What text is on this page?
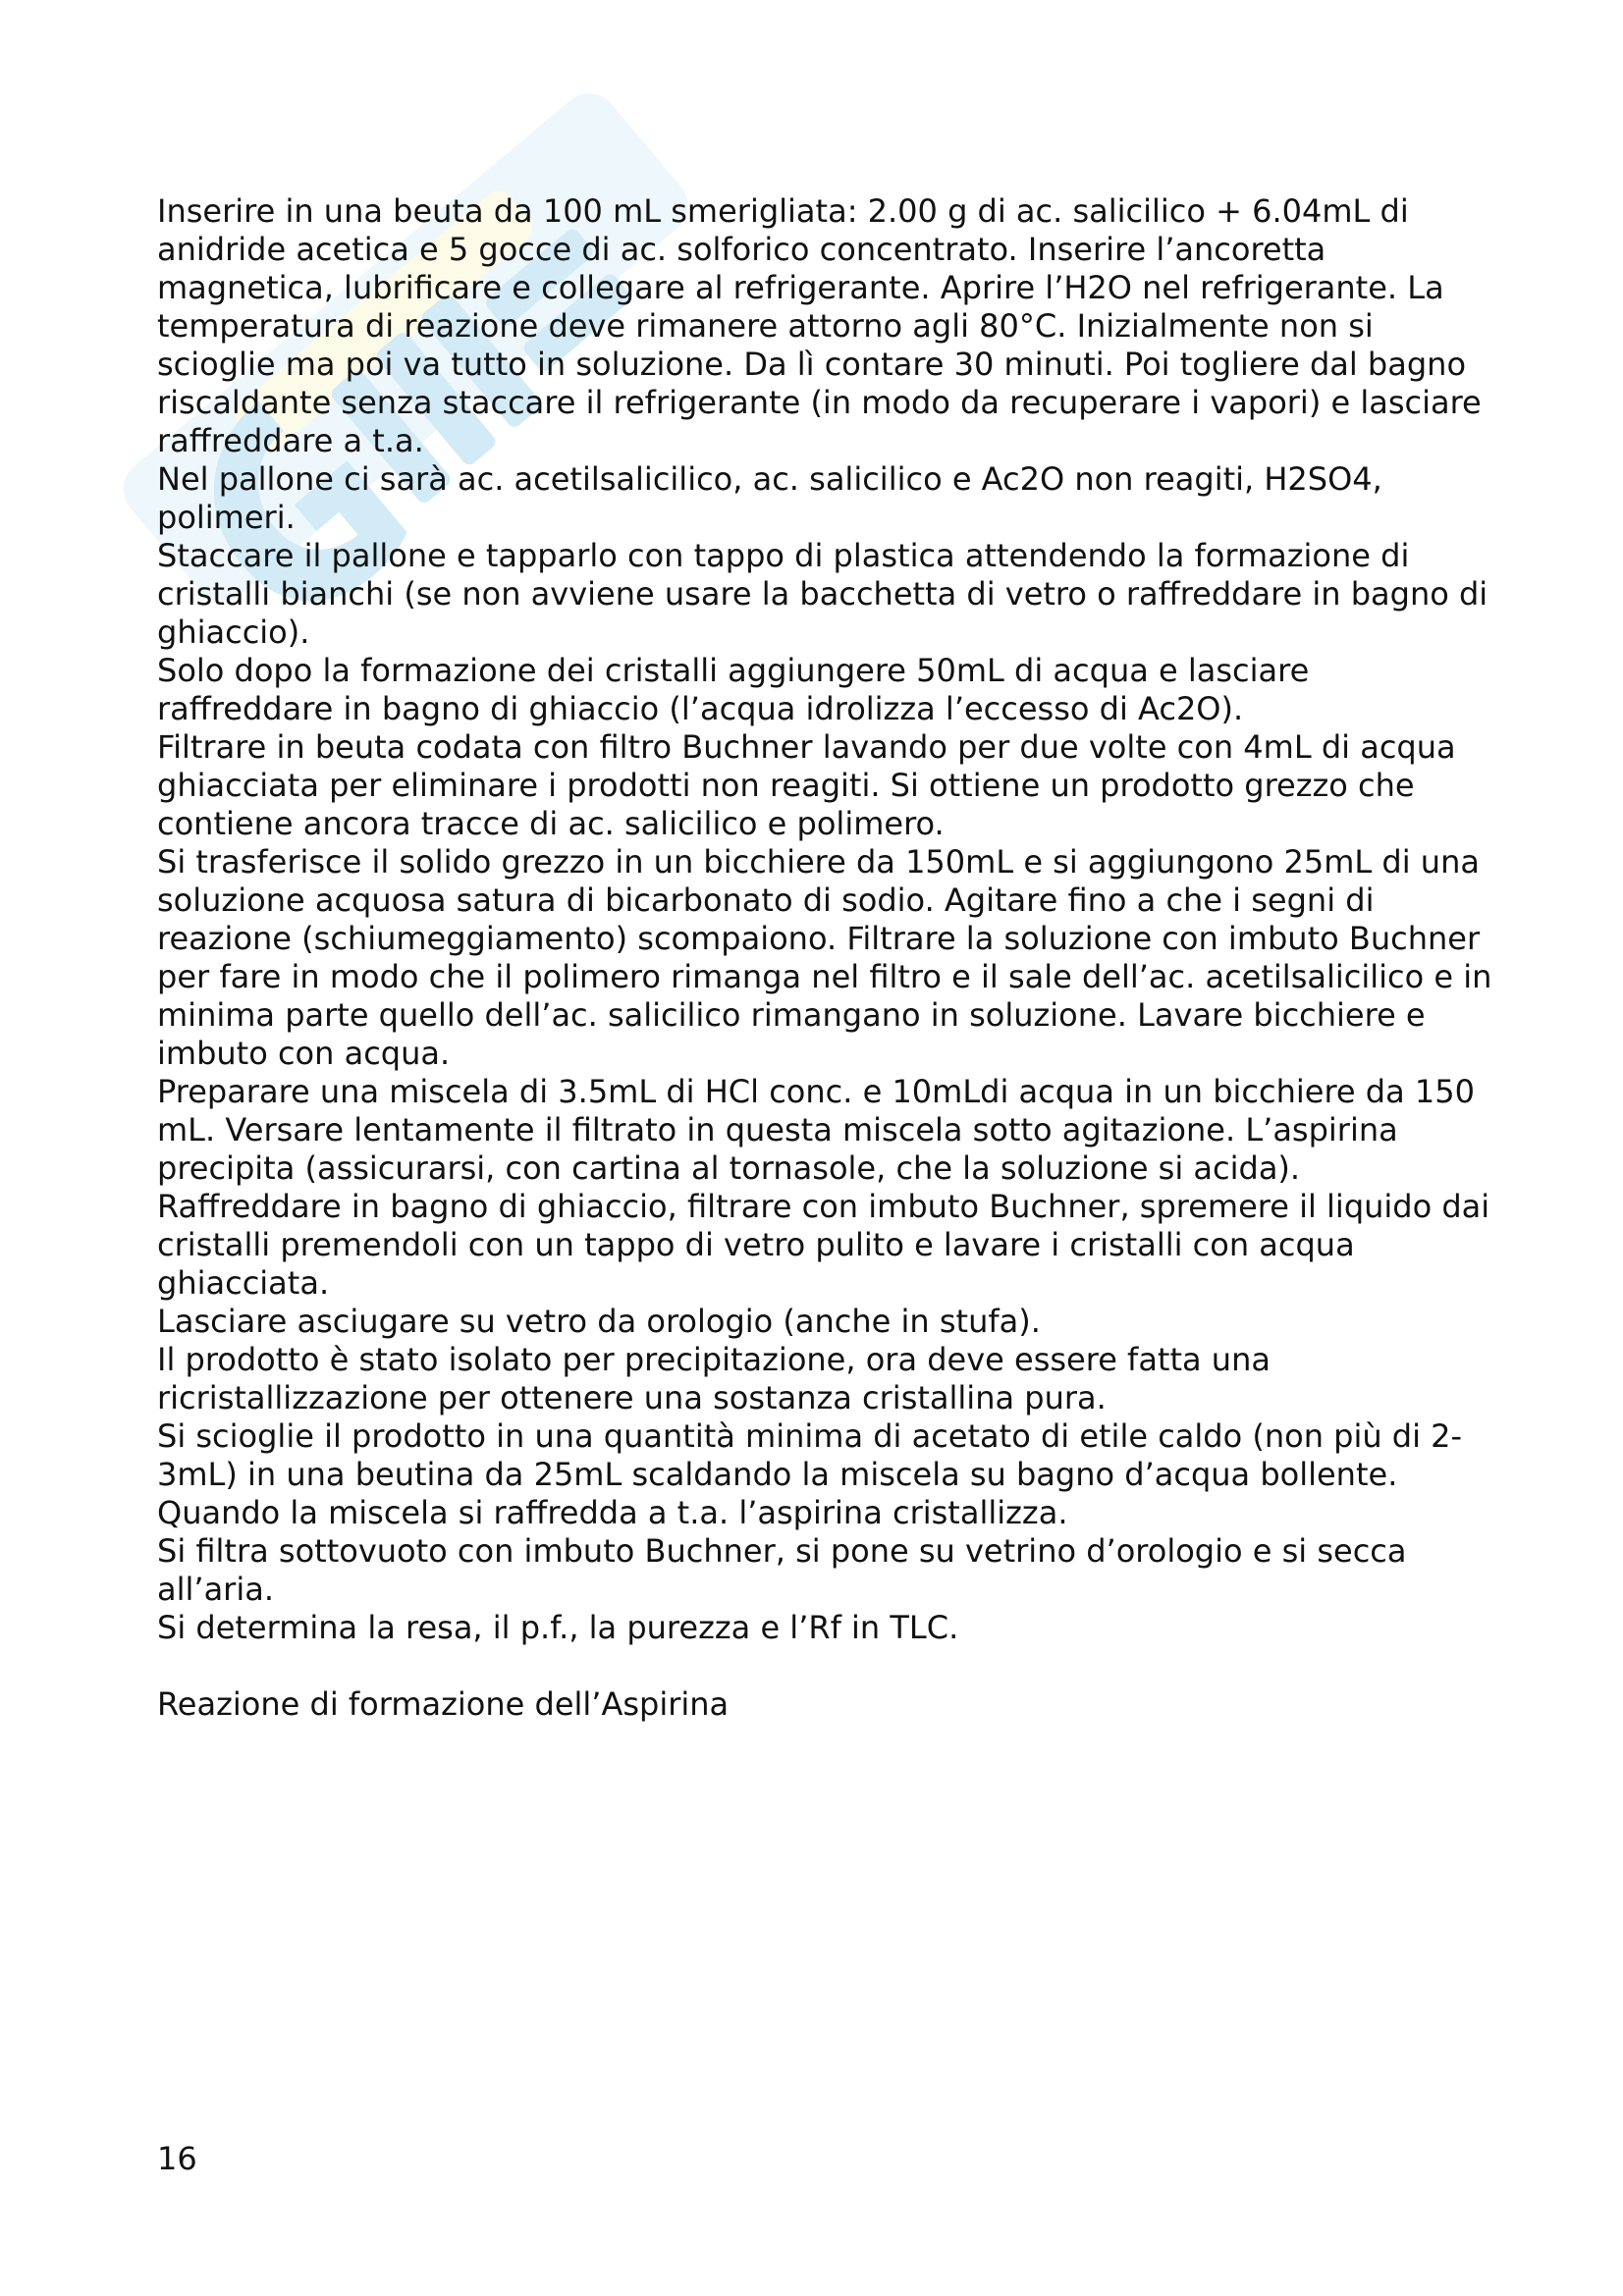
Inserire in una beuta da 100 mL smerigliata: 2.00 g di ac. salicilico + 6.04mL di anidride acetica e 5 gocce di ac. solforico concentrato. Inserire l’ancoretta magnetica, lubrificare e collegare al refrigerante. Aprire l’H2O nel refrigerante. La temperatura di reazione deve rimanere attorno agli 80°C. Inizialmente non si scioglie ma poi va tutto in soluzione. Da lì contare 30 minuti. Poi togliere dal bagno riscaldante senza staccare il refrigerante (in modo da recuperare i vapori) e lasciare raffreddare a t.a.

Nel pallone ci sarà ac. acetilsalicilico, ac. salicilico e Ac2O non reagiti, H2SO4, polimeri.

Staccare il pallone e tapparlo con tappo di plastica attendendo la formazione di cristalli bianchi (se non avviene usare la bacchetta di vetro o raffreddare in bagno di ghiaccio).

Solo dopo la formazione dei cristalli aggiungere 50mL di acqua e lasciare raffreddare in bagno di ghiaccio (l’acqua idrolizza l’eccesso di Ac2O).

Filtrare in beuta codata con filtro Buchner lavando per due volte con 4mL di acqua ghiacciata per eliminare i prodotti non reagiti. Si ottiene un prodotto grezzo che contiene ancora tracce di ac. salicilico e polimero.

Si trasferisce il solido grezzo in un bicchiere da 150mL e si aggiungono 25mL di una soluzione acquosa satura di bicarbonato di sodio. Agitare fino a che i segni di reazione (schiumeggiamento) scompaiono. Filtrare la soluzione con imbuto Buchner per fare in modo che il polimero rimanga nel filtro e il sale dell’ac. acetilsalicilico e in minima parte quello dell’ac. salicilico rimangano in soluzione. Lavare bicchiere e imbuto con acqua.

Preparare una miscela di 3.5mL di HCl conc. e 10mLdi acqua in un bicchiere da 150 mL. Versare lentamente il filtrato in questa miscela sotto agitazione. L’aspirina precipita (assicurarsi, con cartina al tornasole, che la soluzione si acida).

Raffreddare in bagno di ghiaccio, filtrare con imbuto Buchner, spremere il liquido dai cristalli premendoli con un tappo di vetro pulito e lavare i cristalli con acqua ghiacciata.

Lasciare asciugare su vetro da orologio (anche in stufa).

Il prodotto è stato isolato per precipitazione, ora deve essere fatta una ricristallizzazione per ottenere una sostanza cristallina pura.

Si scioglie il prodotto in una quantità minima di acetato di etile caldo (non più di 2- 3mL) in una beutina da 25mL scaldando la miscela su bagno d’acqua bollente. Quando la miscela si raffredda a t.a. l’aspirina cristallizza.

Si filtra sottovuoto con imbuto Buchner, si pone su vetrino d’orologio e si secca all’aria.

Si determina la resa, il p.f., la purezza e l’Rf in TLC.

Reazione di formazione dell’Aspirina

16
